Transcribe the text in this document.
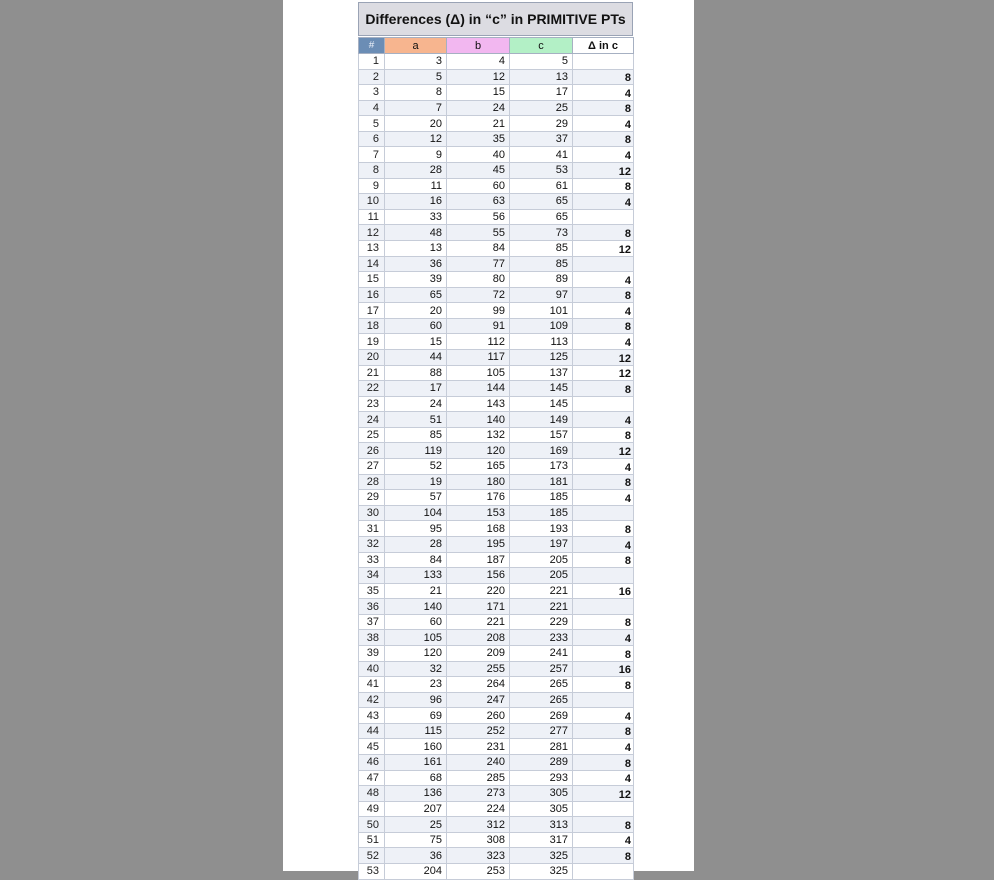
Differences (Δ) in “c” in PRIMITIVE PTs
#	a	b	c	Δ in c
1	3	4	5	
2	5	12	13	8
3	8	15	17	4
4	7	24	25	8
5	20	21	29	4
6	12	35	37	8
7	9	40	41	4
8	28	45	53	12
9	11	60	61	8
10	16	63	65	4
11	33	56	65	
12	48	55	73	8
13	13	84	85	12
14	36	77	85	
15	39	80	89	4
16	65	72	97	8
17	20	99	101	4
18	60	91	109	8
19	15	112	113	4
20	44	117	125	12
21	88	105	137	12
22	17	144	145	8
23	24	143	145	
24	51	140	149	4
25	85	132	157	8
26	119	120	169	12
27	52	165	173	4
28	19	180	181	8
29	57	176	185	4
30	104	153	185	
31	95	168	193	8
32	28	195	197	4
33	84	187	205	8
34	133	156	205	
35	21	220	221	16
36	140	171	221	
37	60	221	229	8
38	105	208	233	4
39	120	209	241	8
40	32	255	257	16
41	23	264	265	8
42	96	247	265	
43	69	260	269	4
44	115	252	277	8
45	160	231	281	4
46	161	240	289	8
47	68	285	293	4
48	136	273	305	12
49	207	224	305	
50	25	312	313	8
51	75	308	317	4
52	36	323	325	8
53	204	253	325	
